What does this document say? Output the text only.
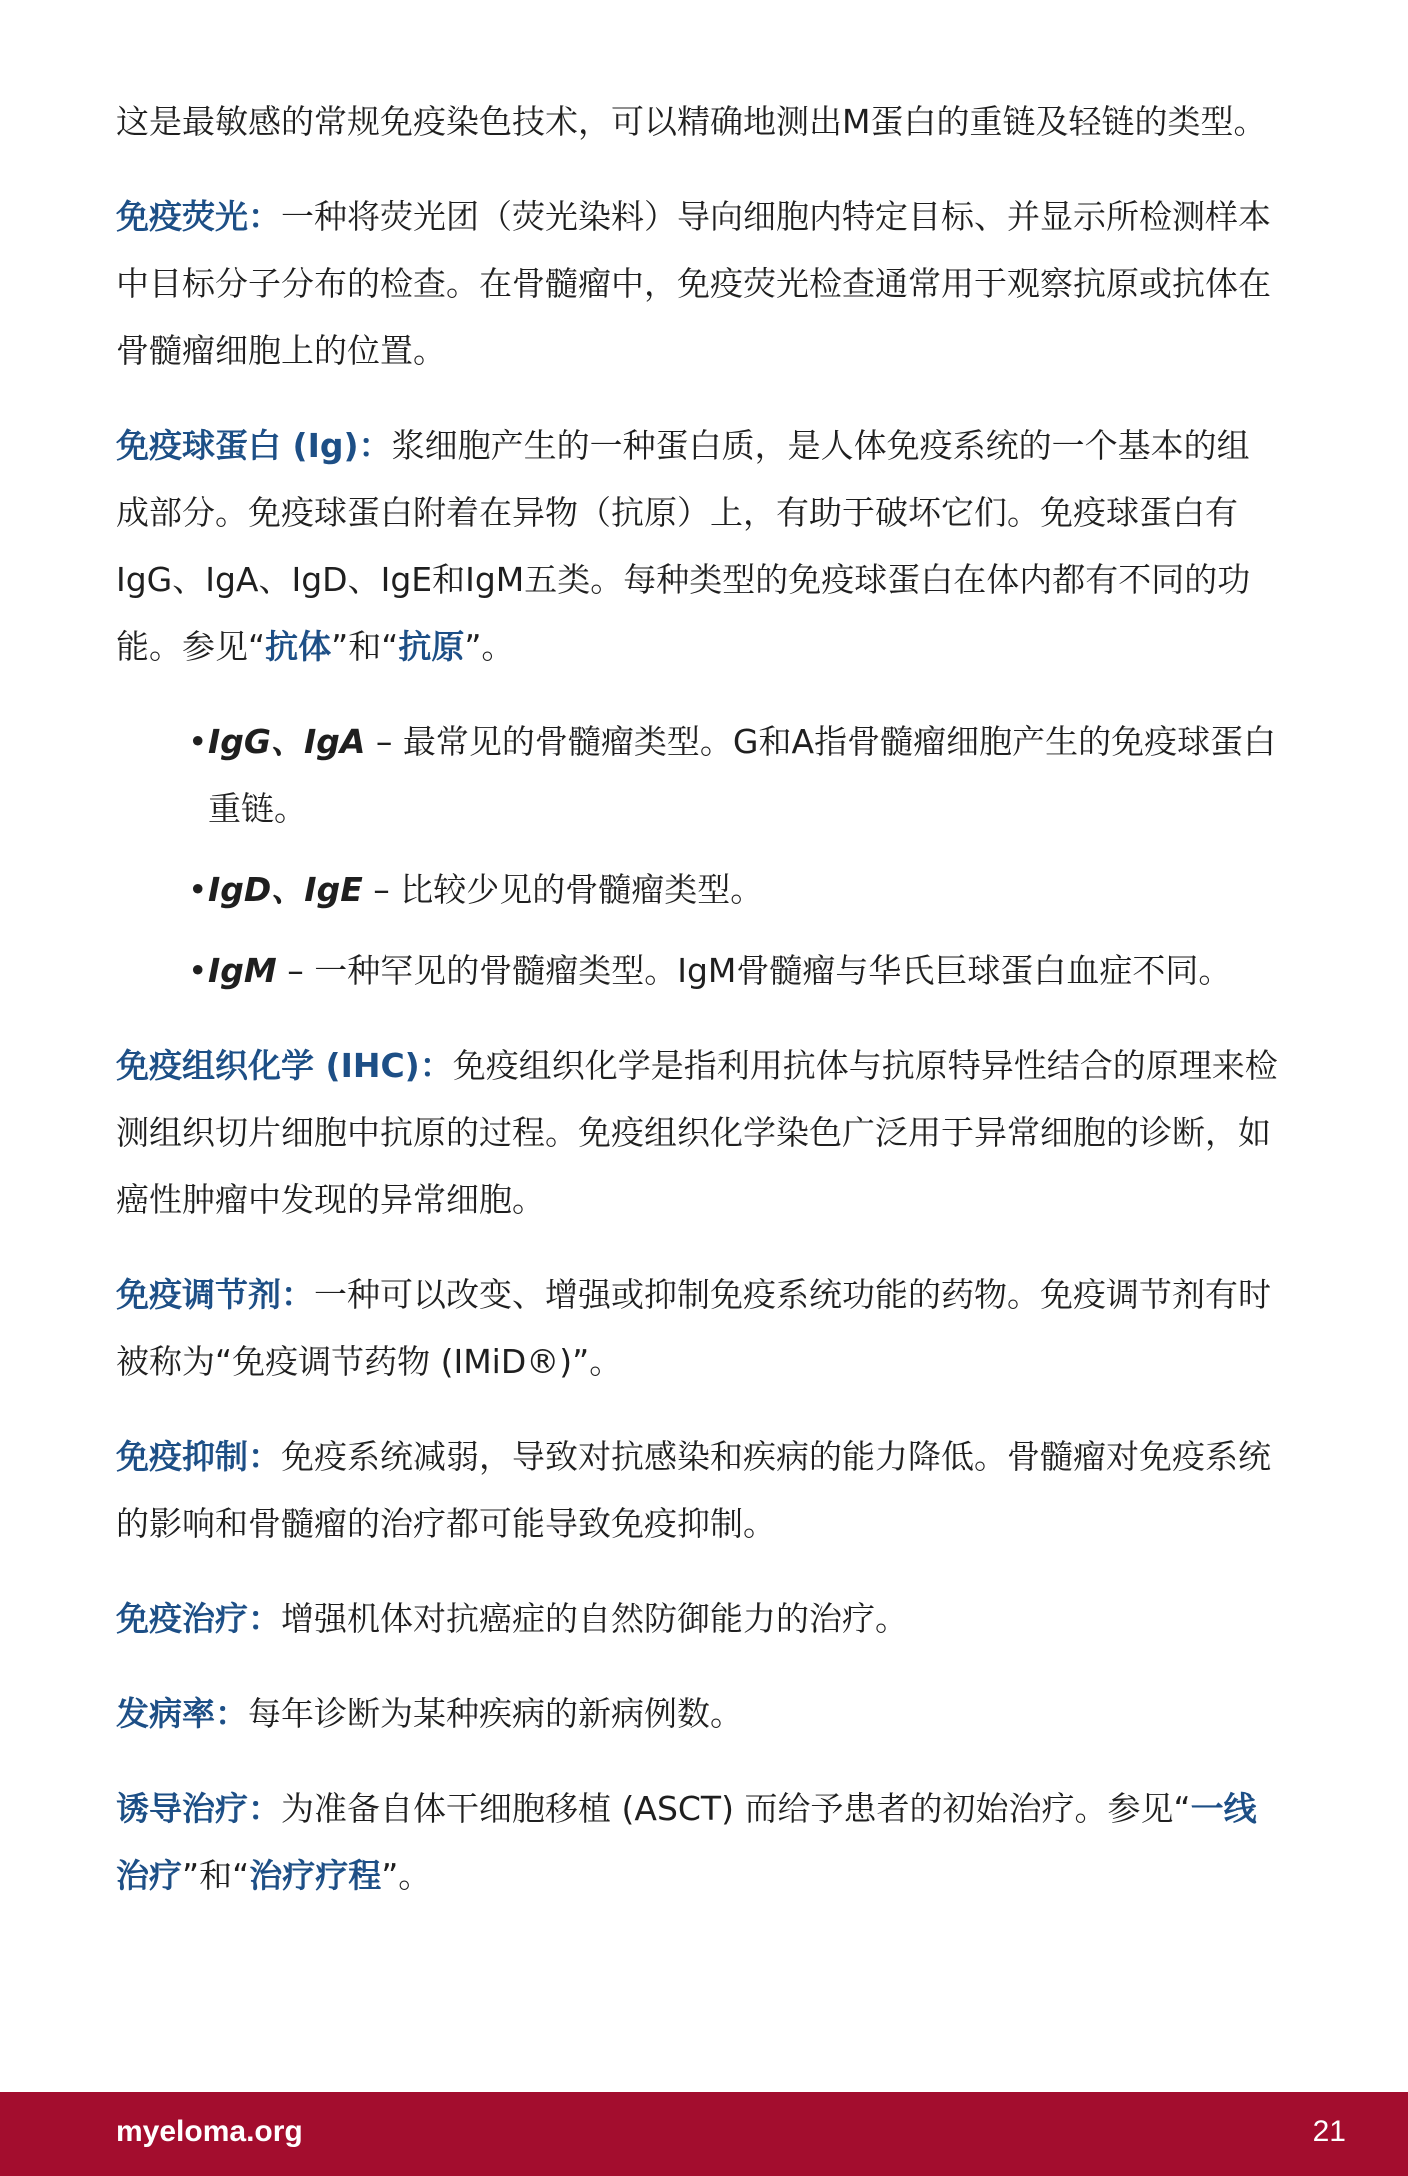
这是最敏感的常规免疫染色技术，可以精确地测出M蛋白的重链及轻链的类型。

免疫荧光：一种将荧光团（荧光染料）导向细胞内特定目标、并显示所检测样本中目标分子分布的检查。在骨髓瘤中，免疫荧光检查通常用于观察抗原或抗体在骨髓瘤细胞上的位置。

免疫球蛋白 (Ig)：浆细胞产生的一种蛋白质，是人体免疫系统的一个基本的组成部分。免疫球蛋白附着在异物（抗原）上，有助于破坏它们。免疫球蛋白有IgG、IgA、IgD、IgE和IgM五类。每种类型的免疫球蛋白在体内都有不同的功能。参见“抗体”和“抗原”。

• IgG、IgA – 最常见的骨髓瘤类型。G和A指骨髓瘤细胞产生的免疫球蛋白重链。
• IgD、IgE – 比较少见的骨髓瘤类型。
• IgM – 一种罕见的骨髓瘤类型。IgM骨髓瘤与华氏巨球蛋白血症不同。

免疫组织化学 (IHC)：免疫组织化学是指利用抗体与抗原特异性结合的原理来检测组织切片细胞中抗原的过程。免疫组织化学染色广泛用于异常细胞的诊断，如癌性肿瘤中发现的异常细胞。

免疫调节剂：一种可以改变、增强或抑制免疫系统功能的药物。免疫调节剂有时被称为“免疫调节药物 (IMiD®)”。

免疫抑制：免疫系统减弱，导致对抗感染和疾病的能力降低。骨髓瘤对免疫系统的影响和骨髓瘤的治疗都可能导致免疫抑制。

免疫治疗：增强机体对抗癌症的自然防御能力的治疗。

发病率：每年诊断为某种疾病的新病例数。

诱导治疗：为准备自体干细胞移植 (ASCT) 而给予患者的初始治疗。参见“一线治疗”和“治疗疗程”。

myeloma.org	21
